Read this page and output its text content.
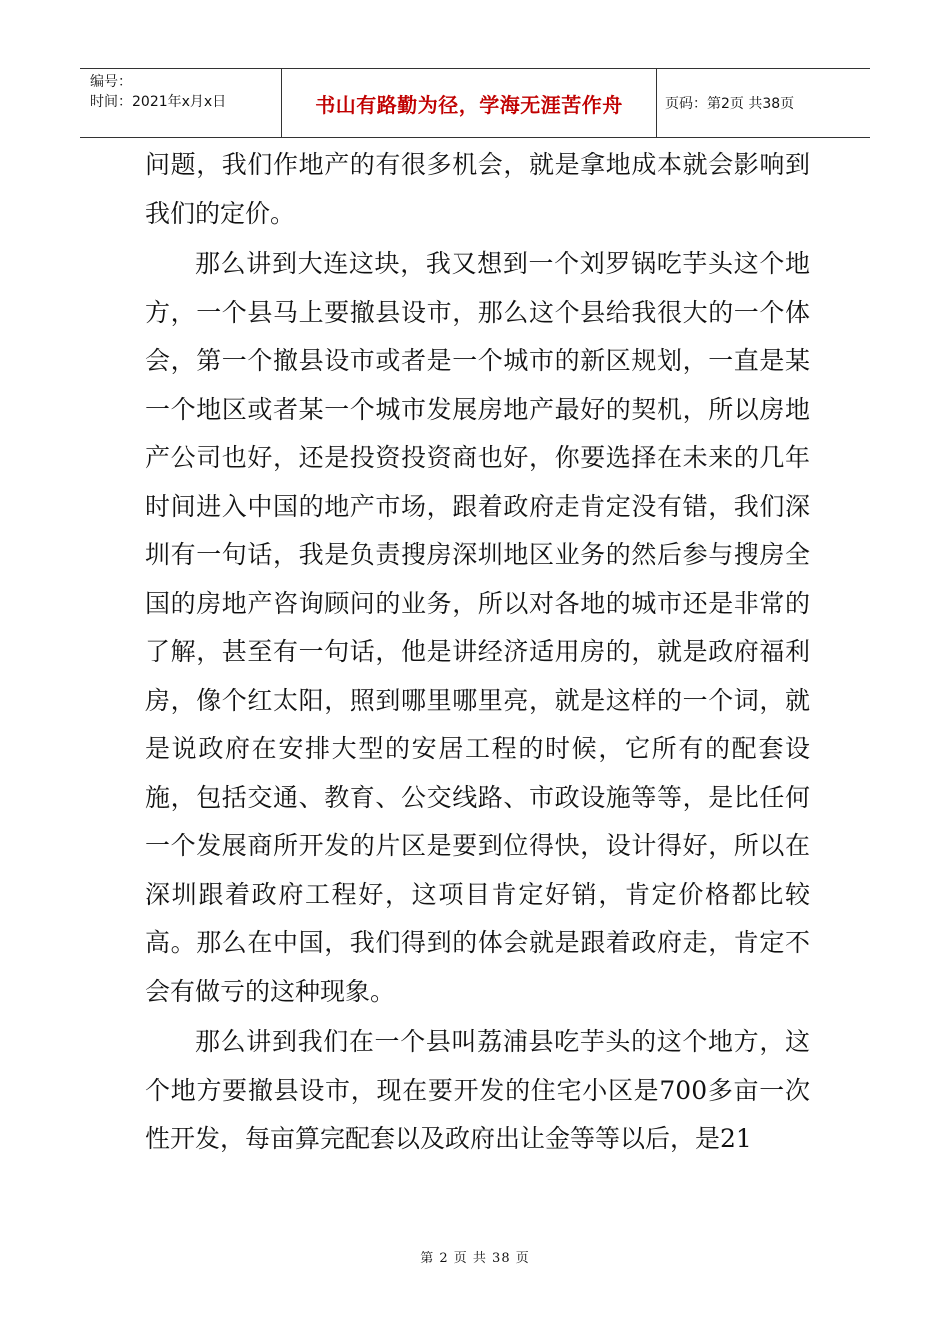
编号：
时间：2021年x月x日	书山有路勤为径，学海无涯苦作舟	页码：第2页 共38页

问题，我们作地产的有很多机会，就是拿地成本就会影响到我们的定价。

那么讲到大连这块，我又想到一个刘罗锅吃芋头这个地方，一个县马上要撤县设市，那么这个县给我很大的一个体会，第一个撤县设市或者是一个城市的新区规划，一直是某一个地区或者某一个城市发展房地产最好的契机，所以房地产公司也好，还是投资投资商也好，你要选择在未来的几年时间进入中国的地产市场，跟着政府走肯定没有错，我们深圳有一句话，我是负责搜房深圳地区业务的然后参与搜房全国的房地产咨询顾问的业务，所以对各地的城市还是非常的了解，甚至有一句话，他是讲经济适用房的，就是政府福利房，像个红太阳，照到哪里哪里亮，就是这样的一个词，就是说政府在安排大型的安居工程的时候，它所有的配套设施，包括交通、教育、公交线路、市政设施等等，是比任何一个发展商所开发的片区是要到位得快，设计得好，所以在深圳跟着政府工程好，这项目肯定好销，肯定价格都比较高。那么在中国，我们得到的体会就是跟着政府走，肯定不会有做亏的这种现象。

那么讲到我们在一个县叫荔浦县吃芋头的这个地方，这个地方要撤县设市，现在要开发的住宅小区是700多亩一次性开发，每亩算完配套以及政府出让金等等以后，是21

第 2 页 共 38 页
